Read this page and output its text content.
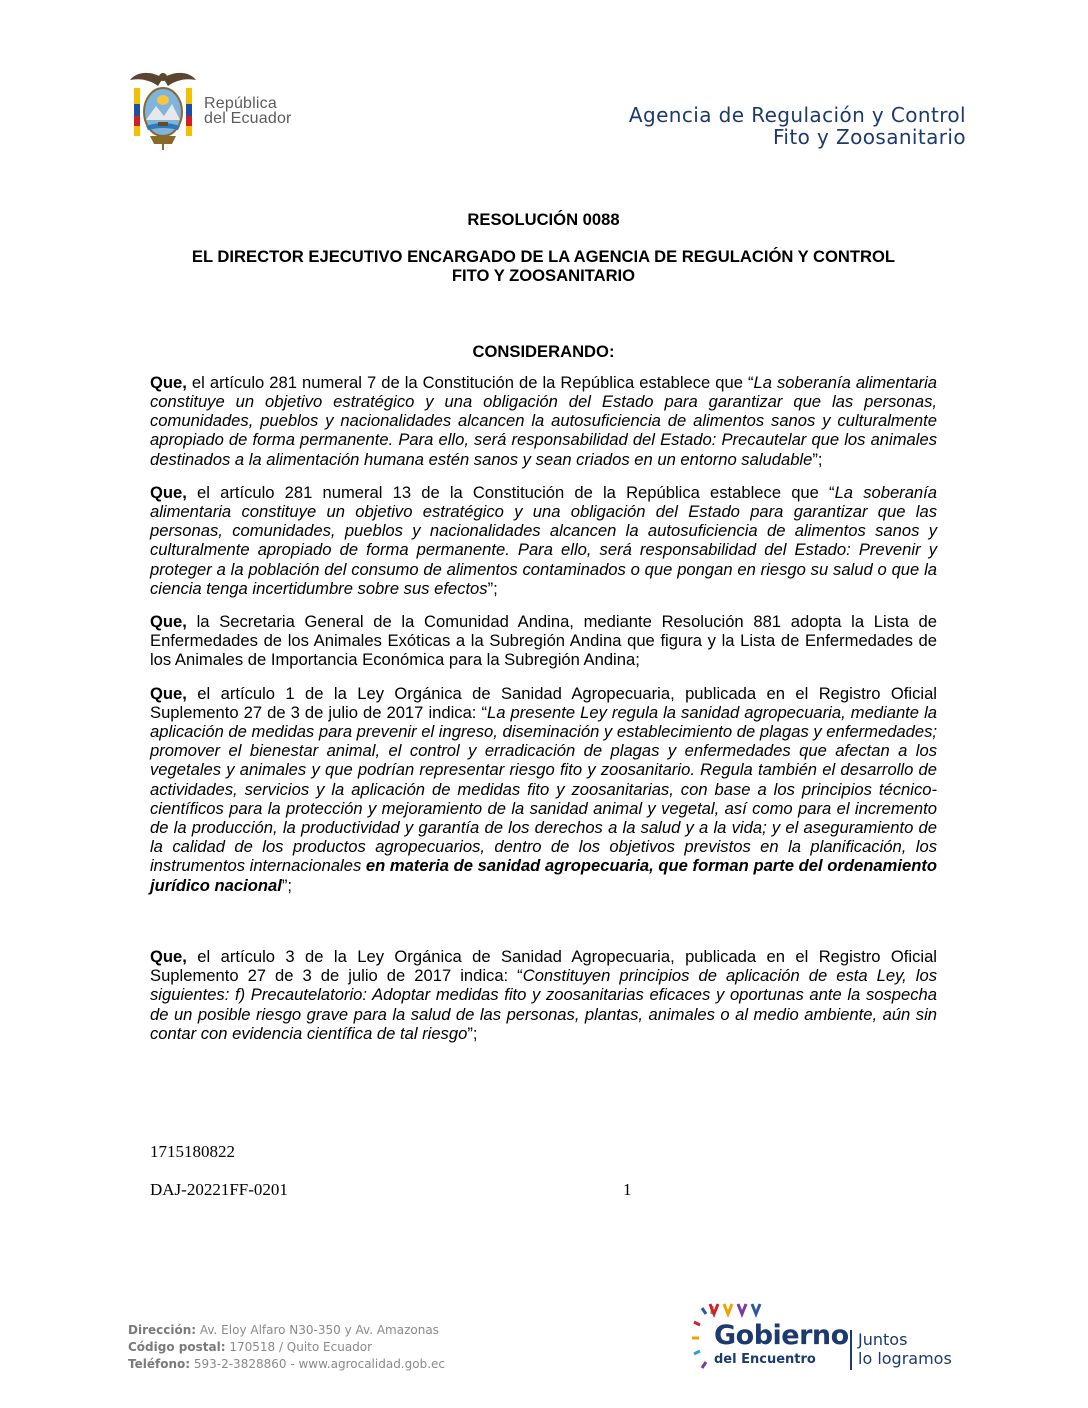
República
del Ecuador	Agencia de Regulación y Control
Fito y Zoosanitario

RESOLUCIÓN 0088

EL DIRECTOR EJECUTIVO ENCARGADO DE LA AGENCIA DE REGULACIÓN Y CONTROL
FITO Y ZOOSANITARIO

CONSIDERANDO:

Que, el artículo 281 numeral 7 de la Constitución de la República establece que “La soberanía alimentaria constituye un objetivo estratégico y una obligación del Estado para garantizar que las personas, comunidades, pueblos y nacionalidades alcancen la autosuficiencia de alimentos sanos y culturalmente apropiado de forma permanente. Para ello, será responsabilidad del Estado: Precautelar que los animales destinados a la alimentación humana estén sanos y sean criados en un entorno saludable”;

Que, el artículo 281 numeral 13 de la Constitución de la República establece que “La soberanía alimentaria constituye un objetivo estratégico y una obligación del Estado para garantizar que las personas, comunidades, pueblos y nacionalidades alcancen la autosuficiencia de alimentos sanos y culturalmente apropiado de forma permanente. Para ello, será responsabilidad del Estado: Prevenir y proteger a la población del consumo de alimentos contaminados o que pongan en riesgo su salud o que la ciencia tenga incertidumbre sobre sus efectos”;

Que, la Secretaria General de la Comunidad Andina, mediante Resolución 881 adopta la Lista de Enfermedades de los Animales Exóticas a la Subregión Andina que figura y la Lista de Enfermedades de los Animales de Importancia Económica para la Subregión Andina;

Que, el artículo 1 de la Ley Orgánica de Sanidad Agropecuaria, publicada en el Registro Oficial Suplemento 27 de 3 de julio de 2017 indica: “La presente Ley regula la sanidad agropecuaria, mediante la aplicación de medidas para prevenir el ingreso, diseminación y establecimiento de plagas y enfermedades; promover el bienestar animal, el control y erradicación de plagas y enfermedades que afectan a los vegetales y animales y que podrían representar riesgo fito y zoosanitario. Regula también el desarrollo de actividades, servicios y la aplicación de medidas fito y zoosanitarias, con base a los principios técnico-científicos para la protección y mejoramiento de la sanidad animal y vegetal, así como para el incremento de la producción, la productividad y garantía de los derechos a la salud y a la vida; y el aseguramiento de la calidad de los productos agropecuarios, dentro de los objetivos previstos en la planificación, los instrumentos internacionales en materia de sanidad agropecuaria, que forman parte del ordenamiento jurídico nacional”;

Que, el artículo 3 de la Ley Orgánica de Sanidad Agropecuaria, publicada en el Registro Oficial Suplemento 27 de 3 de julio de 2017 indica: “Constituyen principios de aplicación de esta Ley, los siguientes: f) Precautelatorio: Adoptar medidas fito y zoosanitarias eficaces y oportunas ante la sospecha de un posible riesgo grave para la salud de las personas, plantas, animales o al medio ambiente, aún sin contar con evidencia científica de tal riesgo”;

1715180822
DAJ-20221FF-0201	1
Dirección: Av. Eloy Alfaro N30-350 y Av. Amazonas
Código postal: 170518 / Quito Ecuador
Teléfono: 593-2-3828860 - www.agrocalidad.gob.ec
Gobierno
del Encuentro
Juntos
lo logramos
